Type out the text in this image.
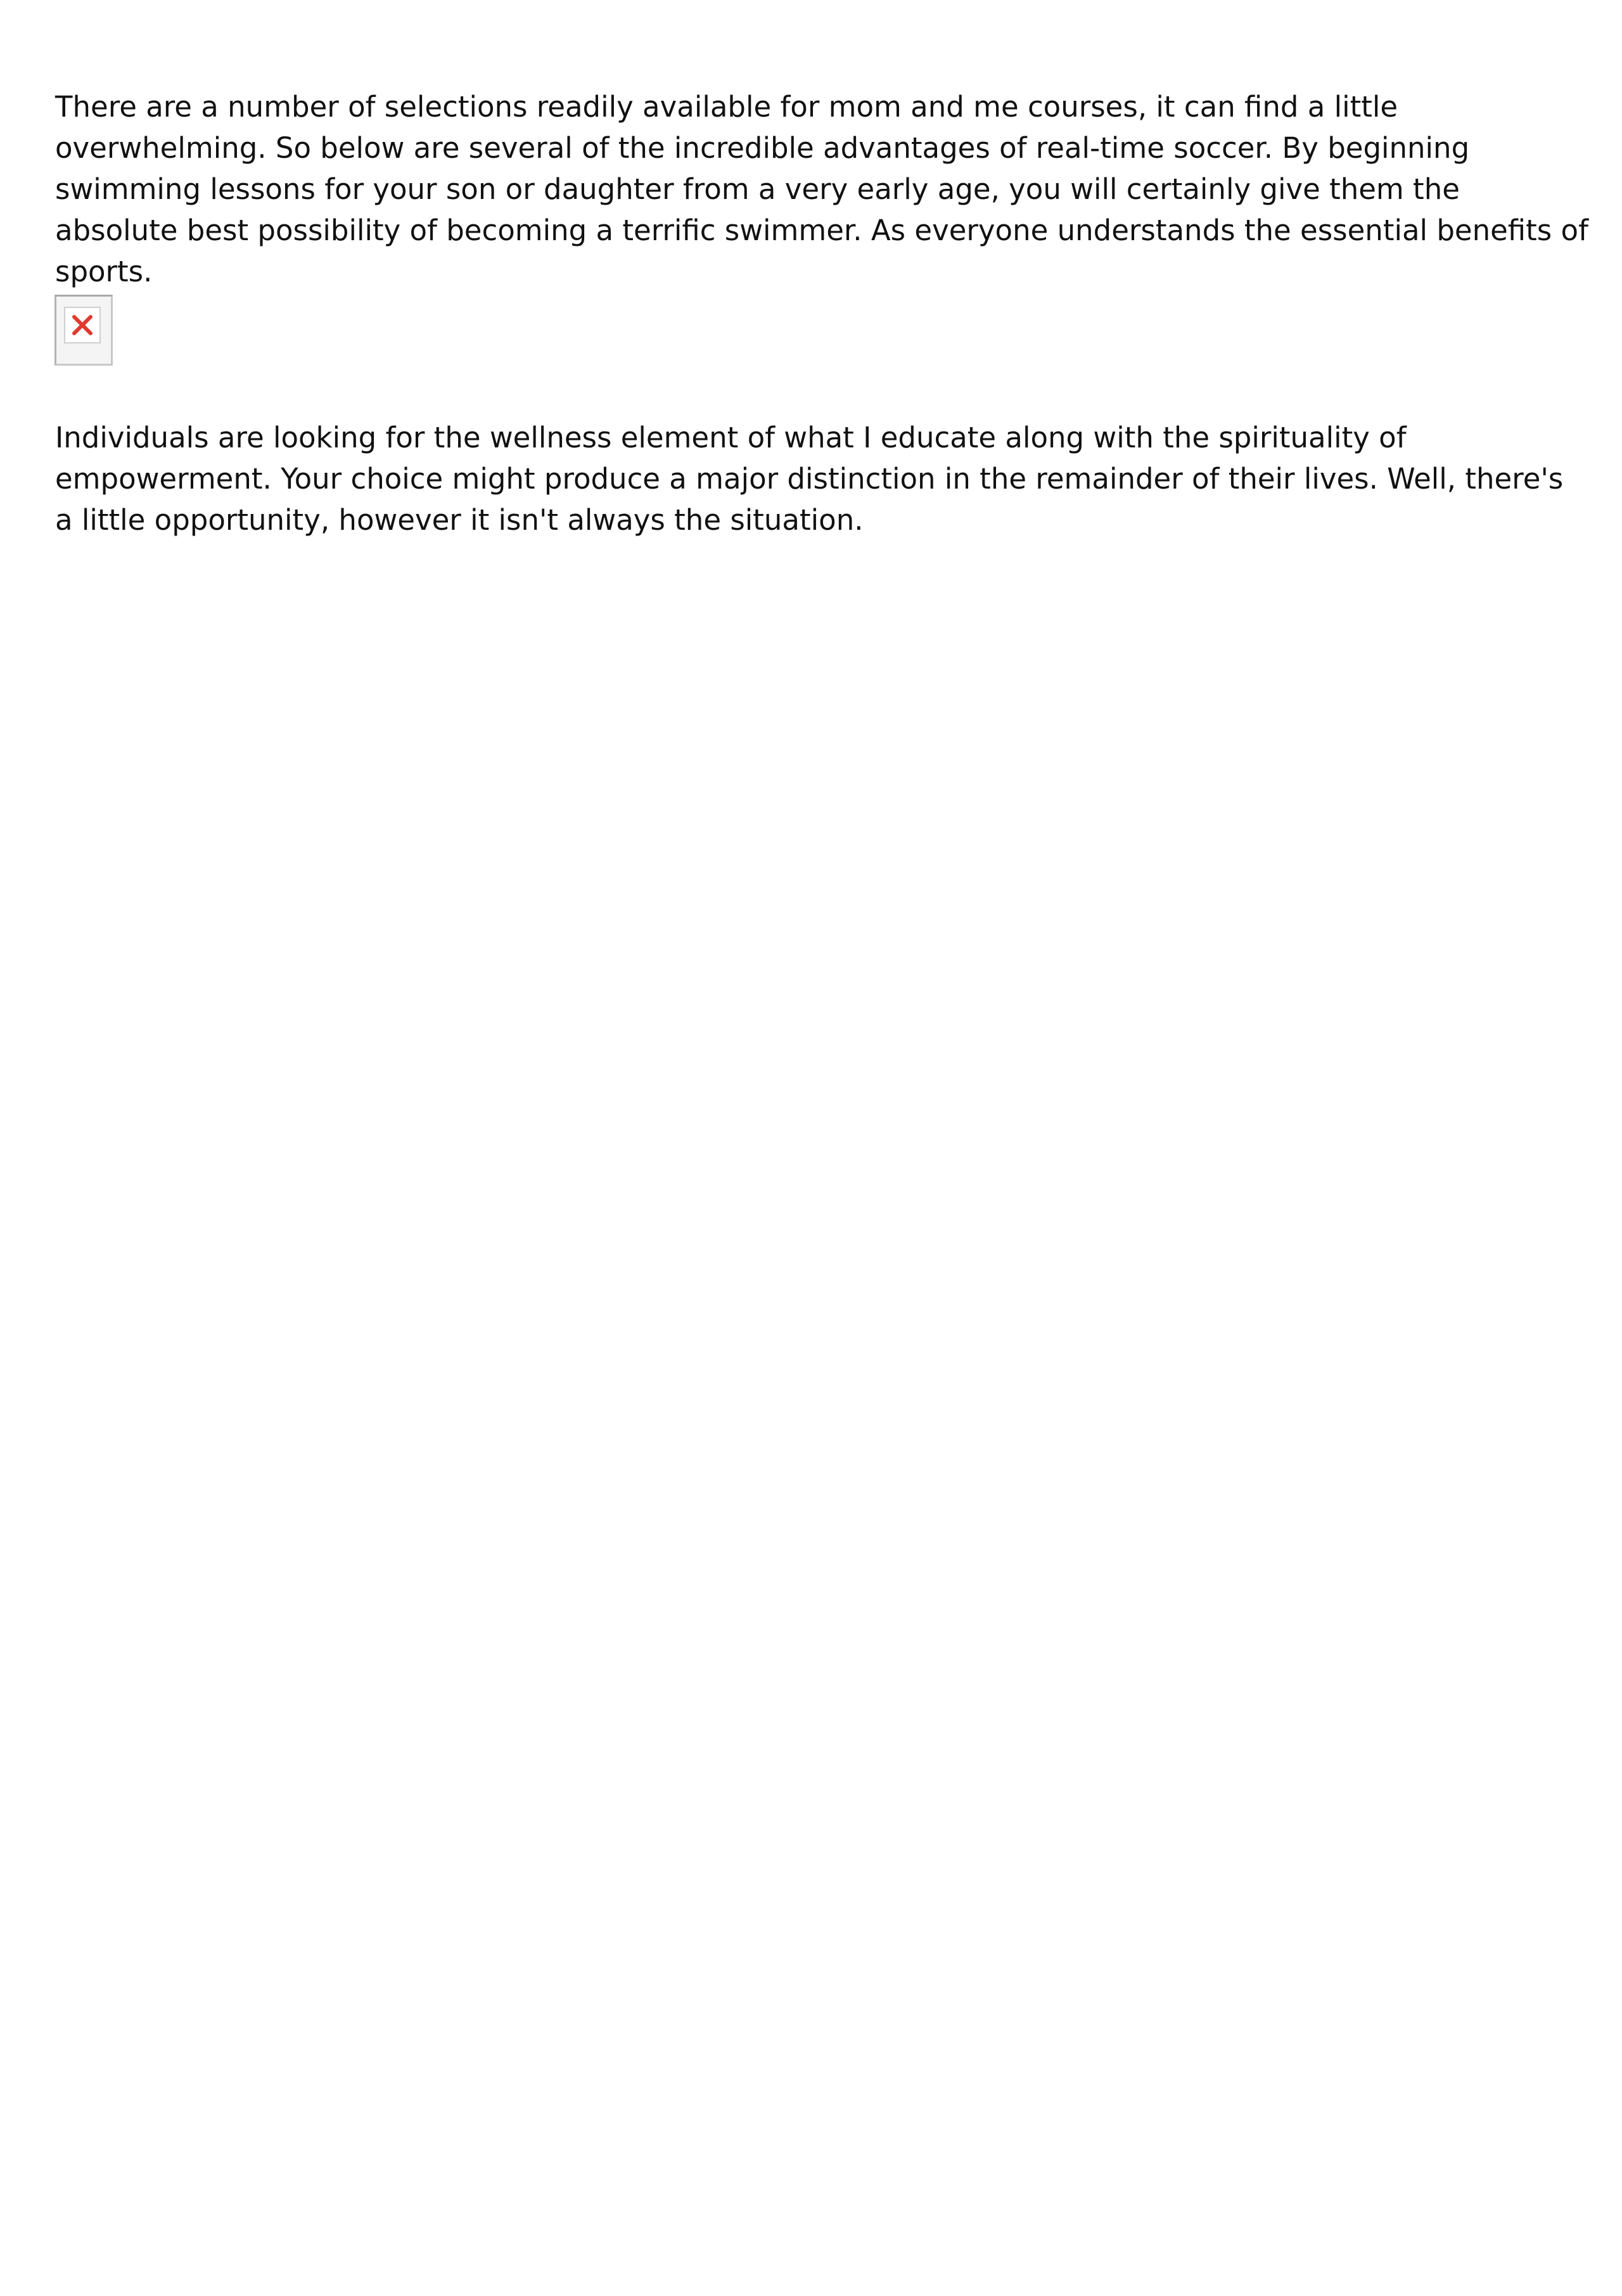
There are a number of selections readily available for mom and me courses, it can find a little overwhelming. So below are several of the incredible advantages of real-time soccer. By beginning swimming lessons for your son or daughter from a very early age, you will certainly give them the absolute best possibility of becoming a terrific swimmer. As everyone understands the essential benefits of sports.

Individuals are looking for the wellness element of what I educate along with the spirituality of empowerment. Your choice might produce a major distinction in the remainder of their lives. Well, there's a little opportunity, however it isn't always the situation.
